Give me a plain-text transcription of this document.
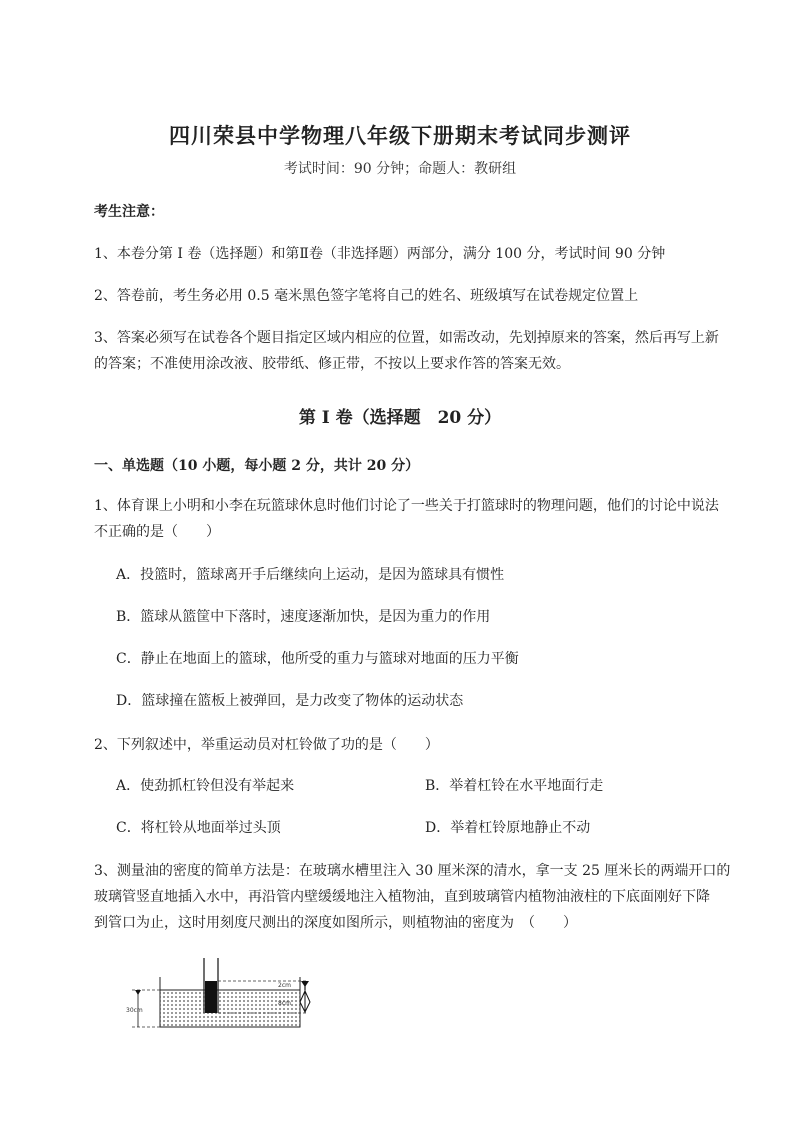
四川荣县中学物理八年级下册期末考试同步测评
考试时间：90 分钟；命题人：教研组
考生注意：
1、本卷分第 I 卷（选择题）和第Ⅱ卷（非选择题）两部分，满分 100 分，考试时间 90 分钟
2、答卷前，考生务必用 0.5 毫米黑色签字笔将自己的姓名、班级填写在试卷规定位置上
3、答案必须写在试卷各个题目指定区域内相应的位置，如需改动，先划掉原来的答案，然后再写上新
的答案；不准使用涂改液、胶带纸、修正带，不按以上要求作答的答案无效。
第 I 卷（选择题　20 分）
一、单选题（10 小题，每小题 2 分，共计 20 分）
1、体育课上小明和小李在玩篮球休息时他们讨论了一些关于打篮球时的物理问题，他们的讨论中说法
不正确的是（　　）
A．投篮时，篮球离开手后继续向上运动，是因为篮球具有惯性
B．篮球从篮筐中下落时，速度逐渐加快，是因为重力的作用
C．静止在地面上的篮球，他所受的重力与篮球对地面的压力平衡
D．篮球撞在篮板上被弹回，是力改变了物体的运动状态
2、下列叙述中，举重运动员对杠铃做了功的是（　　）
A．使劲抓杠铃但没有举起来	B．举着杠铃在水平地面行走
C．将杠铃从地面举过头顶	D．举着杠铃原地静止不动
3、测量油的密度的简单方法是：在玻璃水槽里注入 30 厘米深的清水，拿一支 25 厘米长的两端开口的
玻璃管竖直地插入水中，再沿管内壁缓缓地注入植物油，直到玻璃管内植物油液柱的下底面刚好下降
到管口为止，这时用刻度尺测出的深度如图所示，则植物油的密度为　（　　）
2cm
8cm
30cm
